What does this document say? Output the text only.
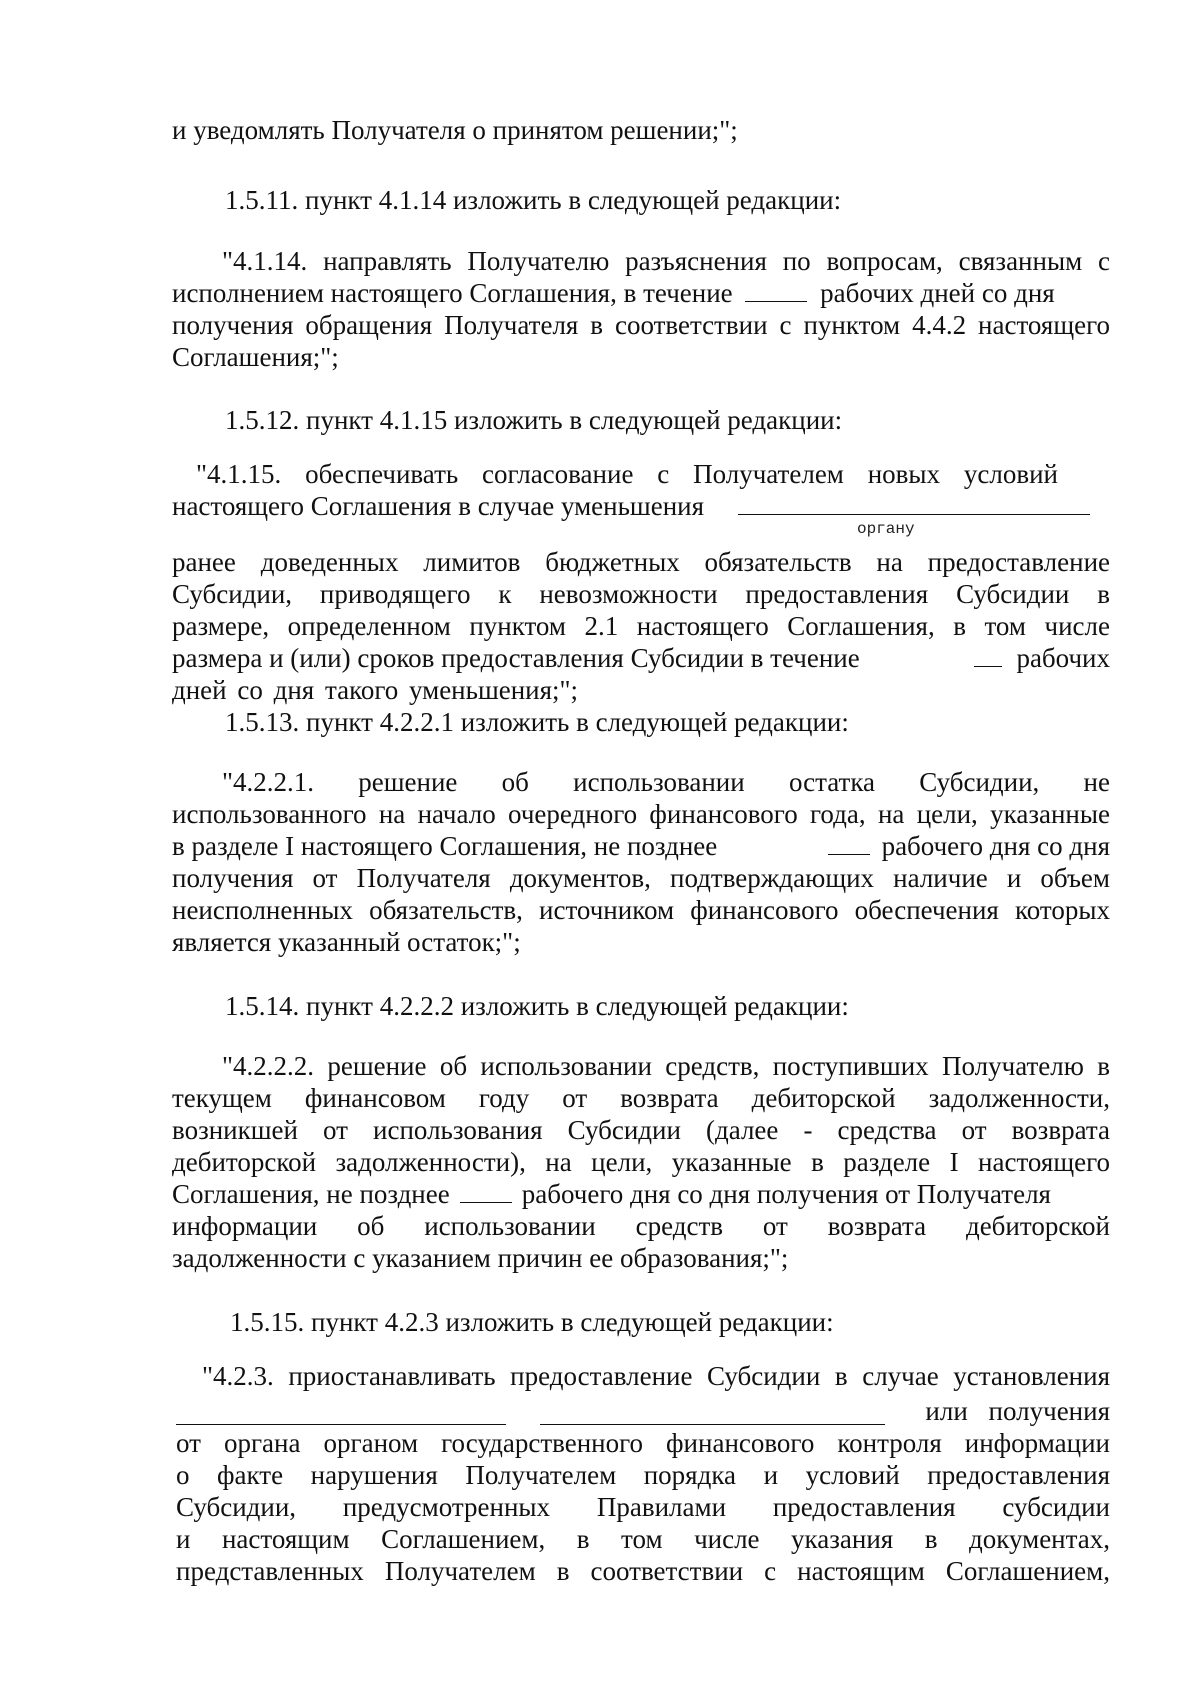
и уведомлять Получателя о принятом решении;";
1.5.11. пункт 4.1.14 изложить в следующей редакции:
"4.1.14. направлять Получателю разъяснения по вопросам, связанным с
исполнением настоящего Соглашения, в течение	рабочих дней со дня
получения обращения Получателя в соответствии с пунктом 4.4.2 настоящего
Соглашения;";
1.5.12. пункт 4.1.15 изложить в следующей редакции:
"4.1.15. обеспечивать согласование с Получателем новых условий
настоящего Соглашения в случае уменьшения
органу
ранее доведенных лимитов бюджетных обязательств на предоставление
Субсидии, приводящего к невозможности предоставления Субсидии в
размере, определенном пунктом 2.1 настоящего Соглашения, в том числе
размера и (или) сроков предоставления Субсидии в течение	рабочих
дней со дня такого уменьшения;";
1.5.13. пункт 4.2.2.1 изложить в следующей редакции:
"4.2.2.1. решение об использовании остатка Субсидии, не
использованного на начало очередного финансового года, на цели, указанные
в разделе I настоящего Соглашения, не позднее	рабочего дня со дня
получения от Получателя документов, подтверждающих наличие и объем
неисполненных обязательств, источником финансового обеспечения которых
является указанный остаток;";
1.5.14. пункт 4.2.2.2 изложить в следующей редакции:
"4.2.2.2. решение об использовании средств, поступивших Получателю в
текущем финансовом году от возврата дебиторской задолженности,
возникшей от использования Субсидии (далее - средства от возврата
дебиторской задолженности), на цели, указанные в разделе I настоящего
Соглашения, не позднее	рабочего дня со дня получения от Получателя
информации об использовании средств от возврата дебиторской
задолженности с указанием причин ее образования;";
1.5.15. пункт 4.2.3 изложить в следующей редакции:
"4.2.3. приостанавливать предоставление Субсидии в случае установления
или получения
от органа органом государственного финансового контроля информации
о факте нарушения Получателем порядка и условий предоставления
Субсидии, предусмотренных Правилами предоставления субсидии
и настоящим Соглашением, в том числе указания в документах,
представленных Получателем в соответствии с настоящим Соглашением,
